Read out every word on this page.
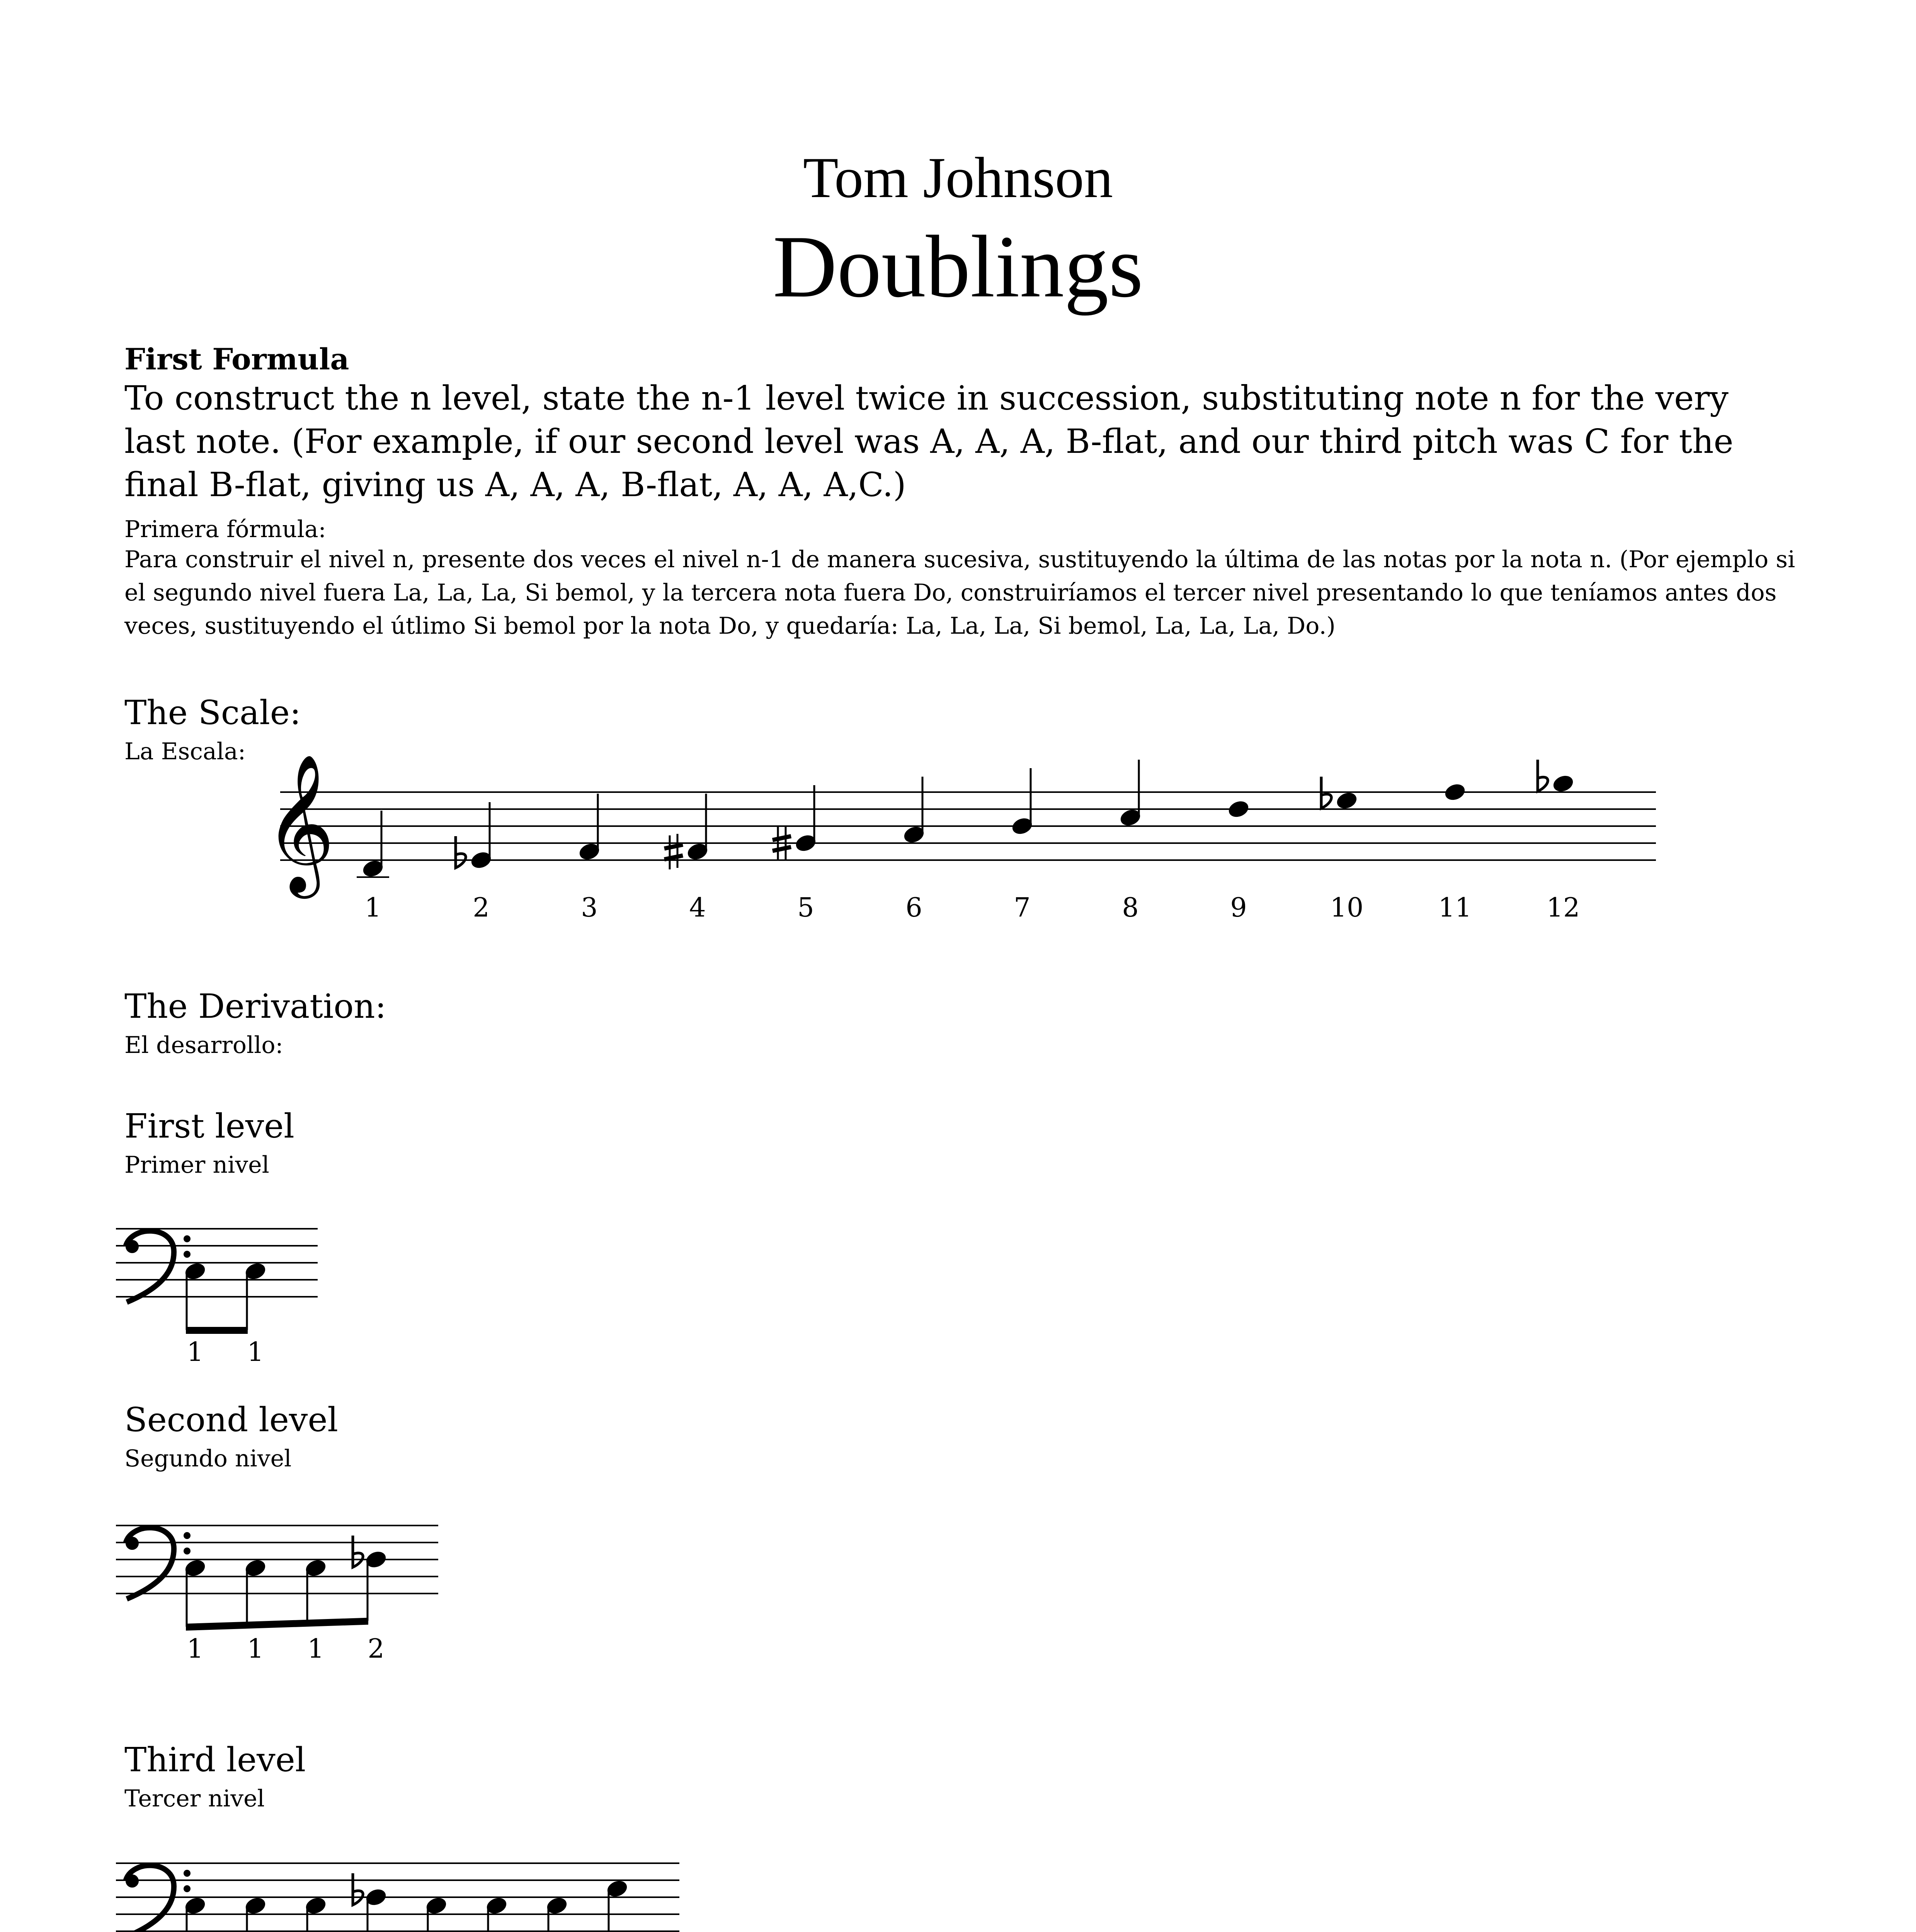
Tom Johnson

Doublings

First Formula

To construct the n level, state the n-1 level twice in succession, substituting note n for the very last note. (For example, if our second level was A, A, A, B-flat, and our third pitch was C for the final B-flat, giving us A, A, A, B-flat, A, A, A,C.)

Primera fórmula:

Para construir el nivel n, presente dos veces el nivel n-1 de manera sucesiva, sustituyendo la última de las notas por la nota n. (Por ejemplo si el segundo nivel fuera La, La, La, Si bemol, y la tercera nota fuera Do, construiríamos el tercer nivel presentando lo que teníamos antes dos veces, sustituyendo el útlimo Si bemol por la nota Do, y quedaría: La, La, La, Si bemol, La, La, La, Do.)

The Scale:

La Escala:

𝄞
1	2	3	4	5	6	7	8	9	10	11	12

The Derivation:

El desarrollo:

First level

Primer nivel

1 1

Second level

Segundo nivel

1 1 1 2

Third level

Tercer nivel
